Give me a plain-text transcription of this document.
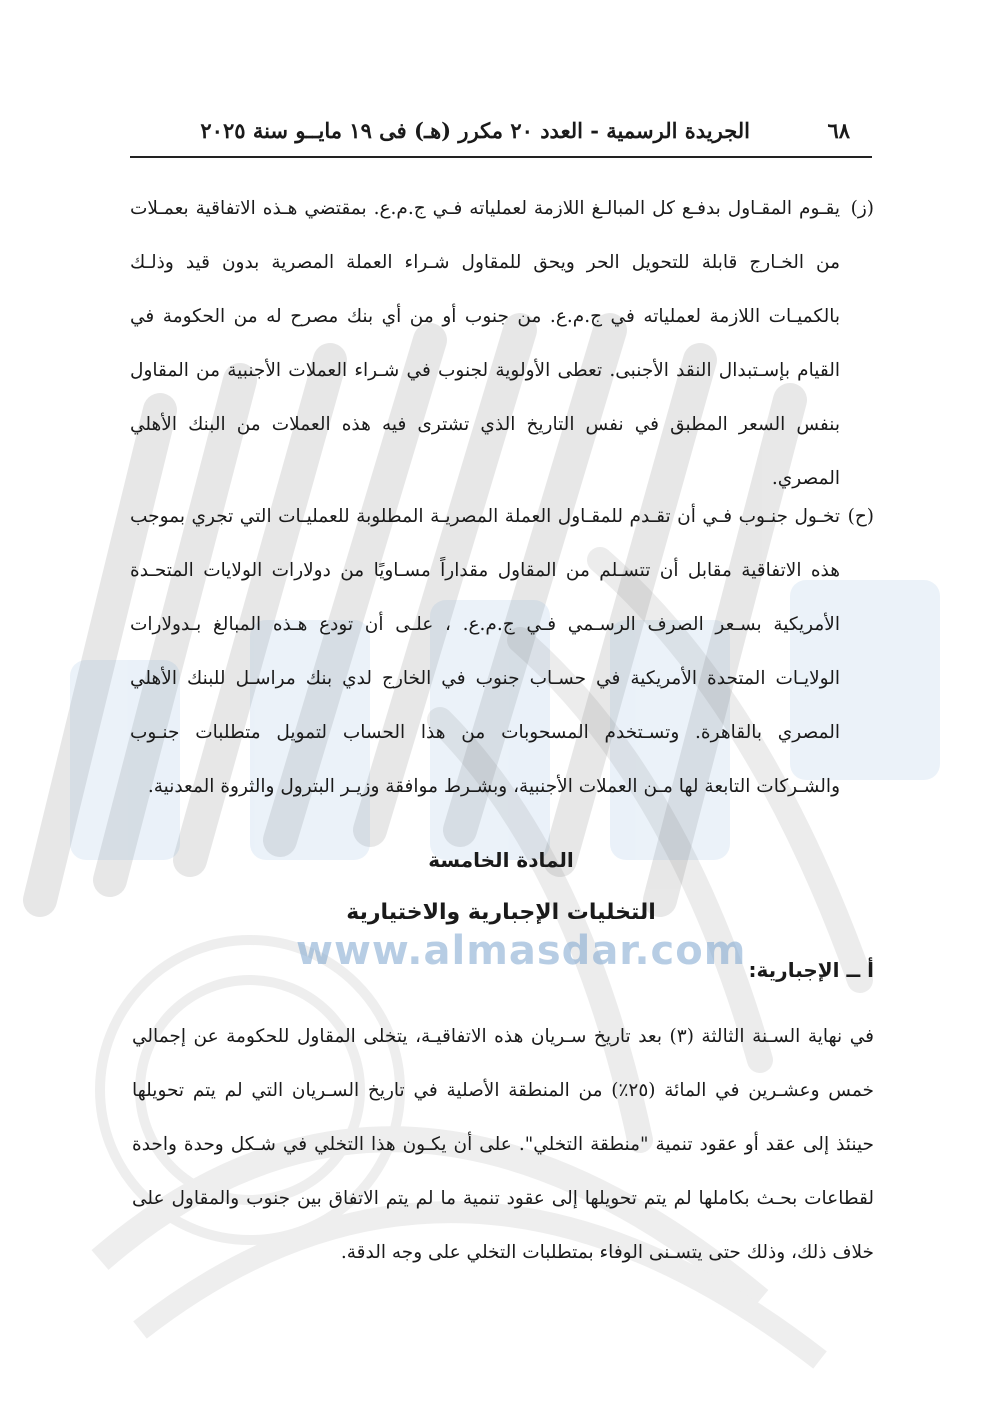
www.almasdar.com
٦٨
الجريدة الرسمية - العدد ٢٠ مكرر (هـ) فى ١٩ مايــو سنة ٢٠٢٥
(ز)
يقـوم المقـاول بدفـع كل المبالـغ اللازمة لعملياته فـي ج.م.ع. بمقتضي هـذه الاتفاقية بعمـلات من الخـارج قابلة للتحويل الحر ويحق للمقاول شـراء العملة المصرية بدون قيد وذلـك بالكميـات اللازمة لعملياته في ج.م.ع. من جنوب أو من أي بنك مصرح له من الحكومة في القيام بإسـتبدال النقد الأجنبى. تعطى الأولوية لجنوب في شـراء العملات الأجنبية من المقاول بنفس السعر المطبق في نفس التاريخ الذي تشترى فيه هذه العملات من البنك الأهلي المصري.
(ح)
تخـول جنـوب فـي أن تقـدم للمقـاول العملة المصريـة المطلوبة للعمليـات التي تجري بموجب هذه الاتفاقية مقابل أن تتسـلم من المقاول مقداراً مسـاويًا من دولارات الولايات المتحـدة الأمريكية بسـعر الصرف الرسـمي فـي ج.م.ع. ، علـى أن تودع هـذه المبالغ بـدولارات الولايـات المتحدة الأمريكية في حسـاب جنوب في الخارج لدي بنك مراسـل للبنك الأهلي المصري بالقاهرة. وتسـتخدم المسحوبات من هذا الحساب لتمويل متطلبات جنـوب والشـركات التابعة لها مـن العملات الأجنبية، وبشـرط موافقة وزيـر البترول والثروة المعدنية.
المادة الخامسة
التخليات الإجبارية والاختيارية
أ ــ الإجبارية:
في نهاية السـنة الثالثة (٣) بعد تاريخ سـريان هذه الاتفاقيـة، يتخلى المقاول للحكومة عن إجمالي خمس وعشـرين في المائة (٢٥٪) من المنطقة الأصلية في تاريخ السـريان التي لم يتم تحويلها حينئذ إلى عقد أو عقود تنمية "منطقة التخلي". على أن يكـون هذا التخلي في شـكل وحدة واحدة لقطاعات بحـث بكاملها لم يتم تحويلها إلى عقود تنمية ما لم يتم الاتفاق بين جنوب والمقاول على خلاف ذلك، وذلك حتى يتسـنى الوفاء بمتطلبات التخلي على وجه الدقة.
